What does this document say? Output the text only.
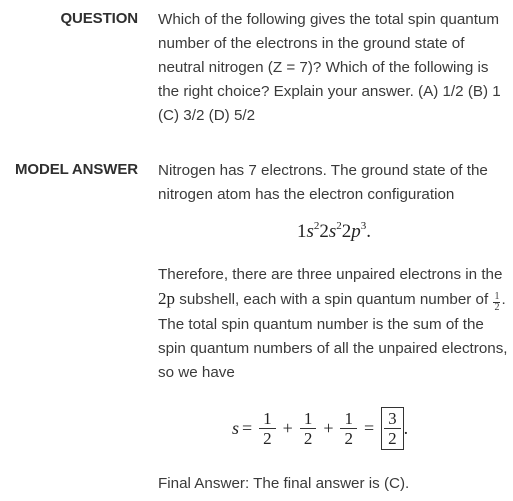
QUESTION Which of the following gives the total spin quantum number of the electrons in the ground state of neutral nitrogen (Z = 7)? Which of the following is the right choice? Explain your answer. (A) 1/2 (B) 1 (C) 3/2 (D) 5/2
MODEL ANSWER Nitrogen has 7 electrons. The ground state of the nitrogen atom has the electron configuration
$1s^22s^22p^3$.
Therefore, there are three unpaired electrons in the 2p subshell, each with a spin quantum number of $\frac{1}{2}$ . The total spin quantum number is the sum of the spin quantum numbers of all the unpaired electrons, so we have
$s = \frac{1}{2} + \frac{1}{2} + \frac{1}{2} = \frac{3}{2}$ .
Final Answer: The final answer is (C).
